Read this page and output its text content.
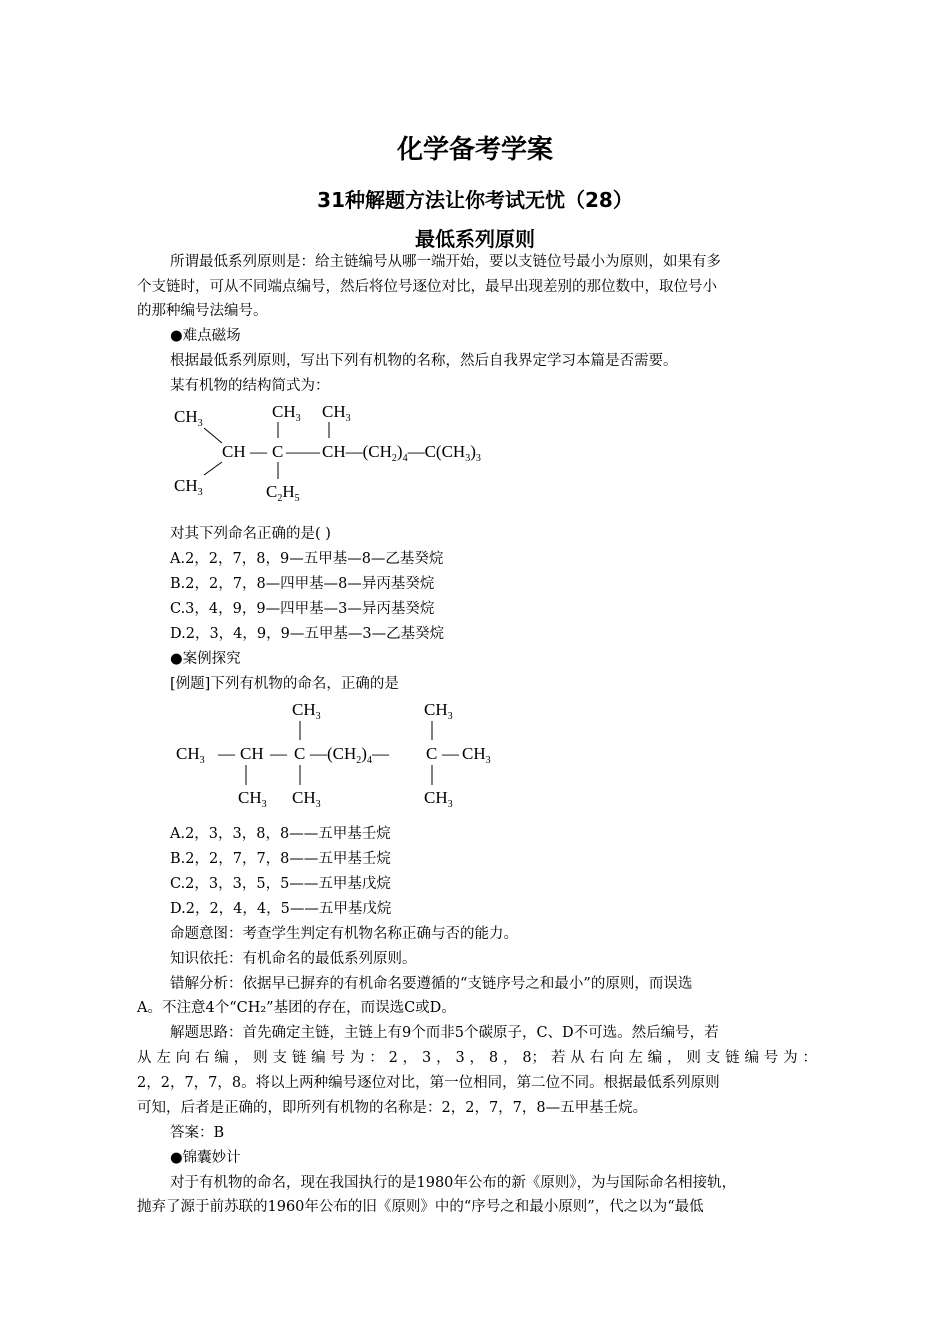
化学备考学案
31种解题方法让你考试无忧（28）
最低系列原则
所谓最低系列原则是：给主链编号从哪一端开始，要以支链位号最小为原则，如果有多
个支链时，可从不同端点编号，然后将位号逐位对比，最早出现差别的那位数中，取位号小
的那种编号法编号。
●难点磁场
根据最低系列原则，写出下列有机物的名称，然后自我界定学习本篇是否需要。
某有机物的结构简式为：
$CH_3$
$CH_3$ $CH_3$
CH — C —— $CH—(CH_2)_4—C(CH_3)_3$
$CH_3$	$C_2H_5$
对其下列命名正确的是( )
A.2，2，7，8，9—五甲基—8—乙基癸烷
B.2，2，7，8—四甲基—8—异丙基癸烷
C.3，4，9，9—四甲基—3—异丙基癸烷
D.2，3，4，9，9—五甲基—3—乙基癸烷
●案例探究
[例题]下列有机物的命名，正确的是
$CH_3$	$CH_3$
$CH_3$ — CH — C $—(CH_2)_4—$ C — $CH_3$
$CH_3$ $CH_3$	$CH_3$
A.2，3，3，8，8——五甲基壬烷
B.2，2，7，7，8——五甲基壬烷
C.2，3，3，5，5——五甲基戊烷
D.2，2，4，4，5——五甲基戊烷
命题意图：考查学生判定有机物名称正确与否的能力。
知识依托：有机命名的最低系列原则。
错解分析：依据早已摒弃的有机命名要遵循的“支链序号之和最小”的原则，而误选
A。不注意4个“CH₂”基团的存在，而误选C或D。
解题思路：首先确定主链，主链上有9个而非5个碳原子，C、D不可选。然后编号，若
从左向右编，则支链编号为：2，3，3，8，8；若从右向左编，则支链编号为：
2，2，7，7，8。将以上两种编号逐位对比，第一位相同，第二位不同。根据最低系列原则
可知，后者是正确的，即所列有机物的名称是：2，2，7，7，8—五甲基壬烷。
答案：B
●锦囊妙计
对于有机物的命名，现在我国执行的是1980年公布的新《原则》，为与国际命名相接轨，
抛弃了源于前苏联的1960年公布的旧《原则》中的“序号之和最小原则”，代之以为“最低
